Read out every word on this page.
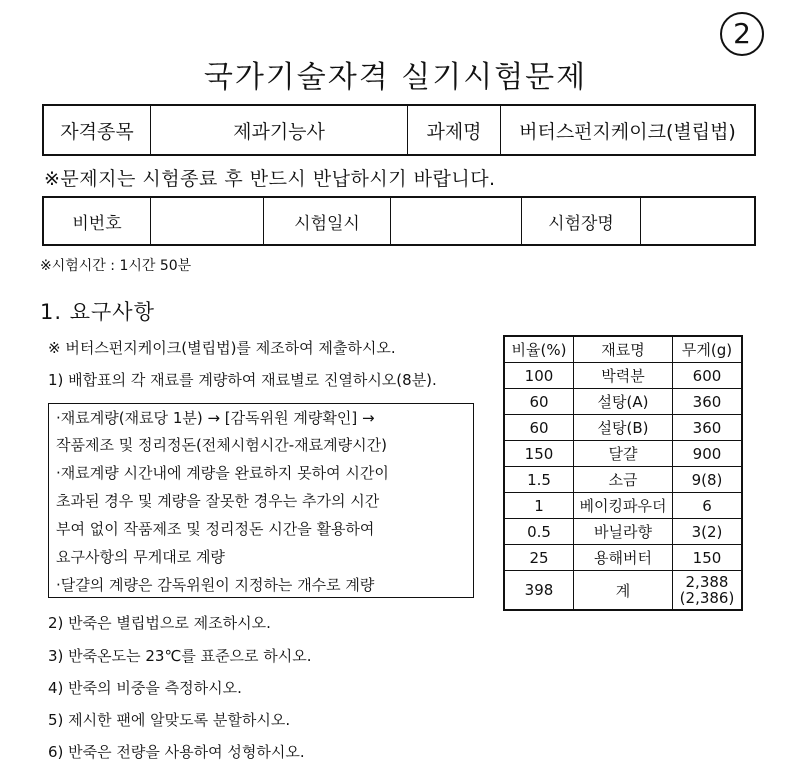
2
국가기술자격 실기시험문제
자격종목	제과기능사	과제명	버터스펀지케이크(별립법)
※문제지는 시험종료 후 반드시 반납하시기 바랍니다.
비번호		시험일시		시험장명	
※시험시간 : 1시간 50분
1. 요구사항
※ 버터스펀지케이크(별립법)를 제조하여 제출하시오.
1) 배합표의 각 재료를 계량하여 재료별로 진열하시오(8분).
·재료계량(재료당 1분) → [감독위원 계량확인] →
작품제조 및 정리정돈(전체시험시간-재료계량시간)
·재료계량 시간내에 계량을 완료하지 못하여 시간이
초과된 경우 및 계량을 잘못한 경우는 추가의 시간
부여 없이 작품제조 및 정리정돈 시간을 활용하여
요구사항의 무게대로 계량
·달걀의 계량은 감독위원이 지정하는 개수로 계량
2) 반죽은 별립법으로 제조하시오.
3) 반죽온도는 23℃를 표준으로 하시오.
4) 반죽의 비중을 측정하시오.
5) 제시한 팬에 알맞도록 분할하시오.
6) 반죽은 전량을 사용하여 성형하시오.
비율(%)	재료명	무게(g)
100	박력분	600
60	설탕(A)	360
60	설탕(B)	360
150	달걀	900
1.5	소금	9(8)
1	베이킹파우더	6
0.5	바닐라향	3(2)
25	용해버터	150
398	계	2,388
(2,386)
